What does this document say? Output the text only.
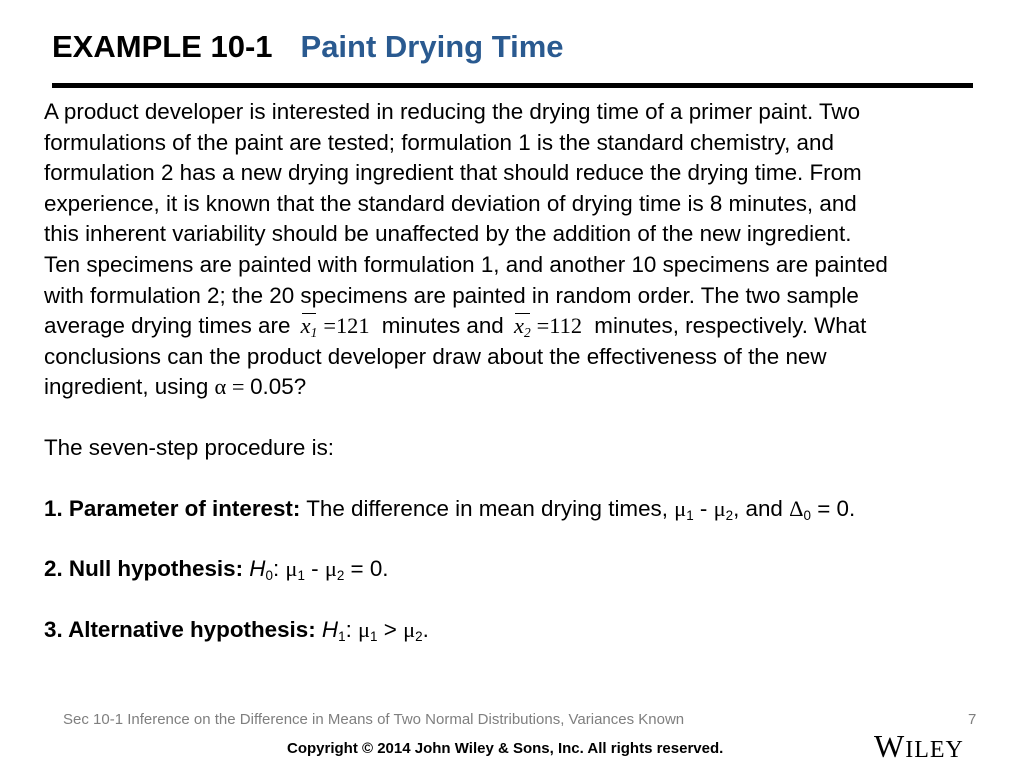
EXAMPLE 10-1 Paint Drying Time
A product developer is interested in reducing the drying time of a primer paint. Two
formulations of the paint are tested; formulation 1 is the standard chemistry, and
formulation 2 has a new drying ingredient that should reduce the drying time. From
experience, it is known that the standard deviation of drying time is 8 minutes, and
this inherent variability should be unaffected by the addition of the new ingredient.
Ten specimens are painted with formulation 1, and another 10 specimens are painted
with formulation 2; the 20 specimens are painted in random order. The two sample
average drying times are $x_1 =121$ minutes and $x_2 =112$ minutes, respectively. What
conclusions can the product developer draw about the effectiveness of the new
ingredient, using α = 0.05?
The seven-step procedure is:
1. Parameter of interest: The difference in mean drying times, $\mu_1 - \mu_2$, and $\Delta_0 = 0$.
2. Null hypothesis: $H_0$: $\mu_1 - \mu_2 = 0$.
3. Alternative hypothesis: $H_1$: $\mu_1 > \mu_2$.
Sec 10-1 Inference on the Difference in Means of Two Normal Distributions, Variances Known	7
Copyright © 2014 John Wiley & Sons, Inc. All rights reserved.	WILEY
